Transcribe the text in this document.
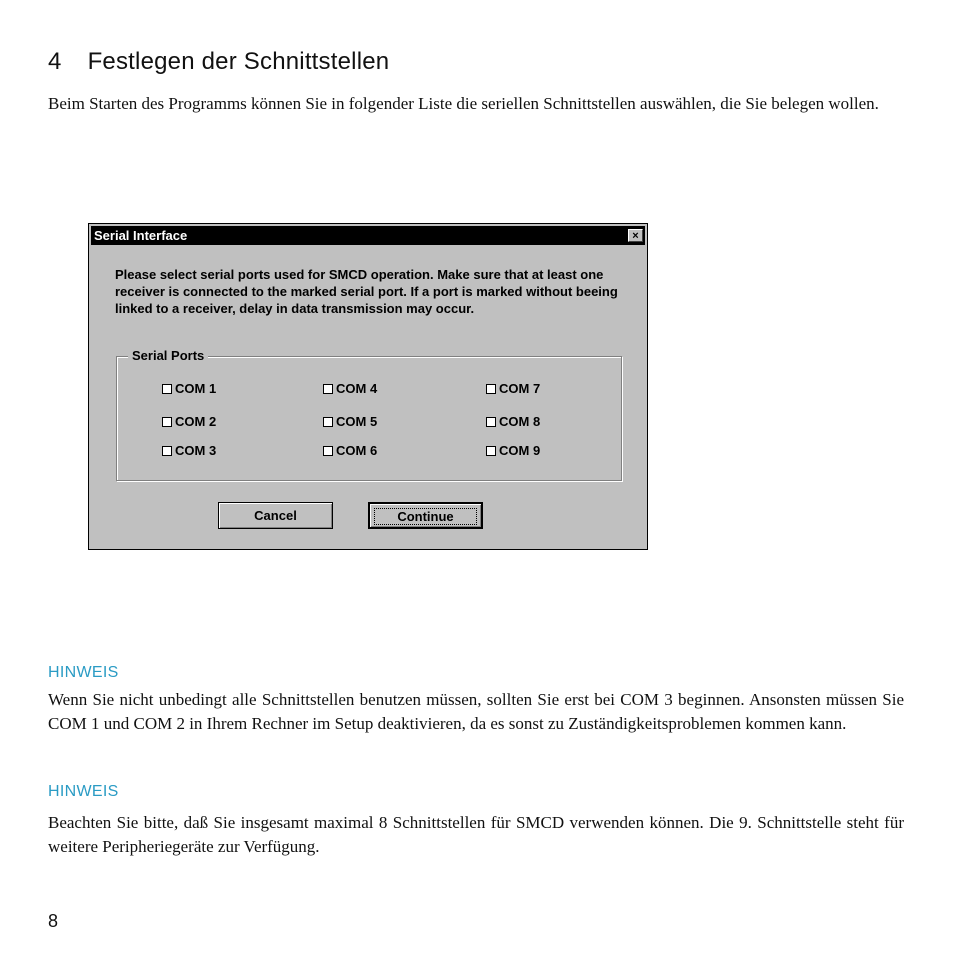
4 Festlegen der Schnittstellen

Beim Starten des Programms können Sie in folgender Liste die seriellen Schnittstellen auswählen, die Sie belegen wollen.

Serial Interface	×

Please select serial ports used for SMCD operation. Make sure that at least one receiver is connected to the marked serial port. If a port is marked without beeing linked to a receiver, delay in data transmission may occur.

Serial Ports
COM 1
COM 2
COM 3
COM 4
COM 5
COM 6
COM 7
COM 8
COM 9
Cancel	Continue
HINWEIS

Wenn Sie nicht unbedingt alle Schnittstellen benutzen müssen, sollten Sie erst bei COM 3 beginnen. Ansonsten müssen Sie COM 1 und COM 2 in Ihrem Rechner im Setup deaktivieren, da es sonst zu Zuständigkeitsproblemen kommen kann.

HINWEIS

Beachten Sie bitte, daß Sie insgesamt maximal 8 Schnittstellen für SMCD verwenden können. Die 9. Schnittstelle steht für weitere Peripheriegeräte zur Verfügung.

8
